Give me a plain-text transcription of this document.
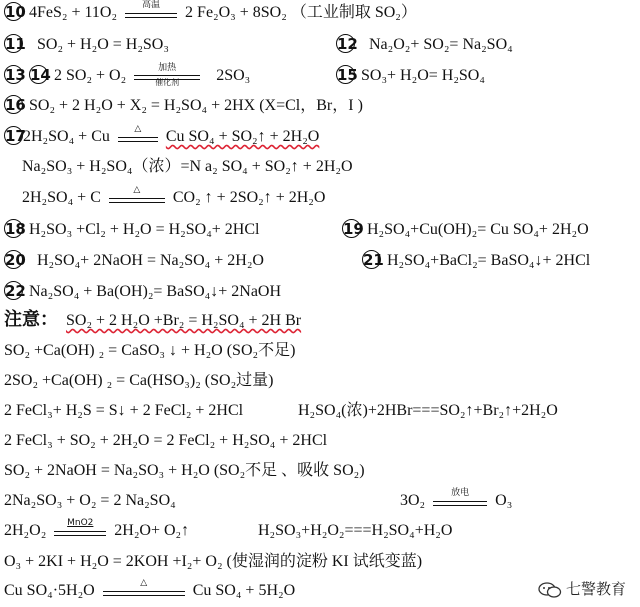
10 4FeS₂ + 11O₂	高温	2 Fe₂O₃ + 8SO₂ （工业制取 SO₂）
11 SO₂ + H₂O = H₂SO₃	12 Na₂O₂+ SO₂= Na₂SO₄
13 14 2 SO₂ + O₂	加热
催化剂	2SO₃	15 SO₃+ H₂O= H₂SO₄
16 SO₂ + 2 H₂O + X₂ = H₂SO₄ + 2HX (X=Cl，Br，I )
172H₂SO₄ + Cu	△	Cu SO₄ + SO₂↑ + 2H₂O
Na₂SO₃ + H₂SO₄（浓）=N a₂ SO₄ + SO₂↑ + 2H₂O
2H₂SO₄ + C	△	CO₂ ↑ + 2SO₂↑ + 2H₂O
18 H₂SO₃ +Cl₂ + H₂O = H₂SO₄+ 2HCl	19 H₂SO₄+Cu(OH)₂= Cu SO₄+ 2H₂O
20 H₂SO₄+ 2NaOH = Na₂SO₄ + 2H₂O	21 H₂SO₄+BaCl₂= BaSO₄↓+ 2HCl
22 Na₂SO₄ + Ba(OH)₂= BaSO₄↓+ 2NaOH
注意： SO₂ + 2 H₂O +Br₂ = H₂SO₄ + 2H Br
SO₂ +Ca(OH) ₂ = CaSO₃ ↓ + H₂O (SO₂不足)
2SO₂ +Ca(OH) ₂ = Ca(HSO₃)₂ (SO₂过量)
2 FeCl₃+ H₂S = S↓ + 2 FeCl₂ + 2HCl	H₂SO₄(浓)+2HBr===SO₂↑+Br₂↑+2H₂O
2 FeCl₃ + SO₂ + 2H₂O = 2 FeCl₂ + H₂SO₄ + 2HCl
SO₂ + 2NaOH = Na₂SO₃ + H₂O (SO₂不足 、吸收 SO₂)
2Na₂SO₃ + O₂ = 2 Na₂SO₄	3O₂	放电	O₃
2H₂O₂	MnO2	2H₂O+ O₂↑	H₂SO₃+H₂O₂===H₂SO₄+H₂O
O₃ + 2KI + H₂O = 2KOH +I₂+ O₂ (使湿润的淀粉 KI 试纸变蓝)
Cu SO₄·5H₂O	△	Cu SO₄ + 5H₂O	七警教育
